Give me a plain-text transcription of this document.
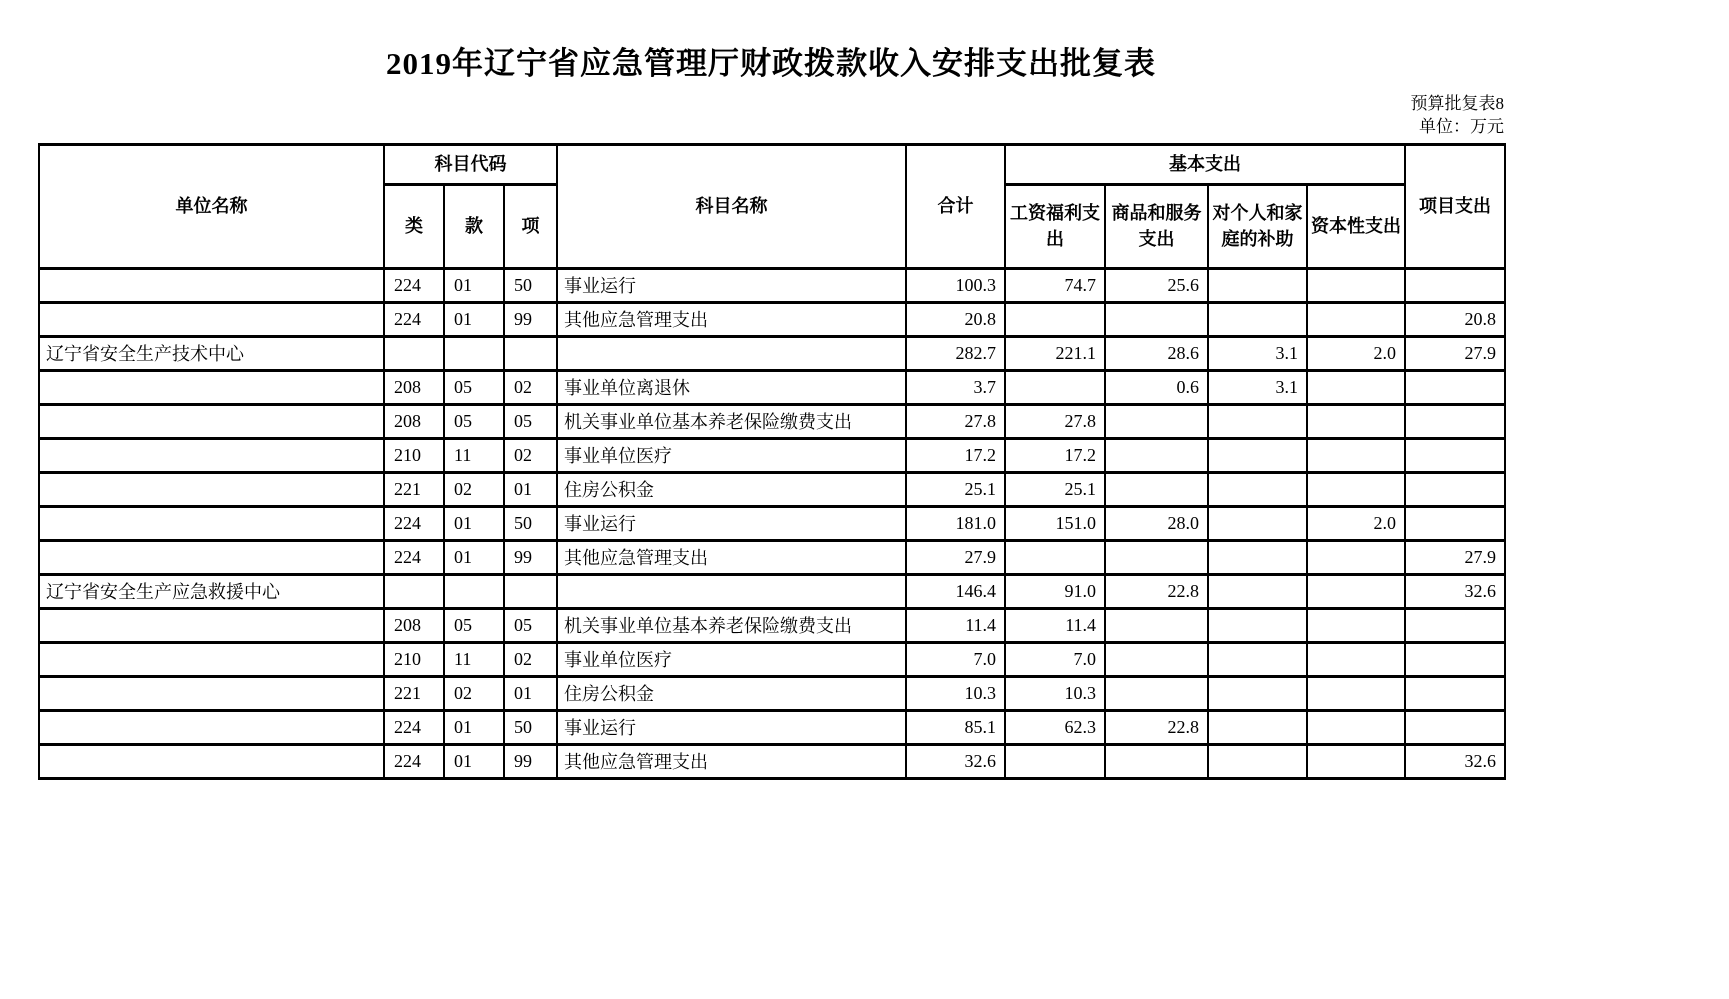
2019年辽宁省应急管理厅财政拨款收入安排支出批复表
预算批复表8
单位：万元
单位名称	科目代码			科目名称	合计	基本支出				项目支出
	类	款	项			工资福利支出	商品和服务支出	对个人和家庭的补助	资本性支出	
	224	01	50	事业运行	100.3	74.7	25.6			
	224	01	99	其他应急管理支出	20.8					20.8
辽宁省安全生产技术中心					282.7	221.1	28.6	3.1	2.0	27.9
	208	05	02	事业单位离退休	3.7		0.6	3.1		
	208	05	05	机关事业单位基本养老保险缴费支出	27.8	27.8				
	210	11	02	事业单位医疗	17.2	17.2				
	221	02	01	住房公积金	25.1	25.1				
	224	01	50	事业运行	181.0	151.0	28.0		2.0	
	224	01	99	其他应急管理支出	27.9					27.9
辽宁省安全生产应急救援中心					146.4	91.0	22.8			32.6
	208	05	05	机关事业单位基本养老保险缴费支出	11.4	11.4				
	210	11	02	事业单位医疗	7.0	7.0				
	221	02	01	住房公积金	10.3	10.3				
	224	01	50	事业运行	85.1	62.3	22.8			
	224	01	99	其他应急管理支出	32.6					32.6
